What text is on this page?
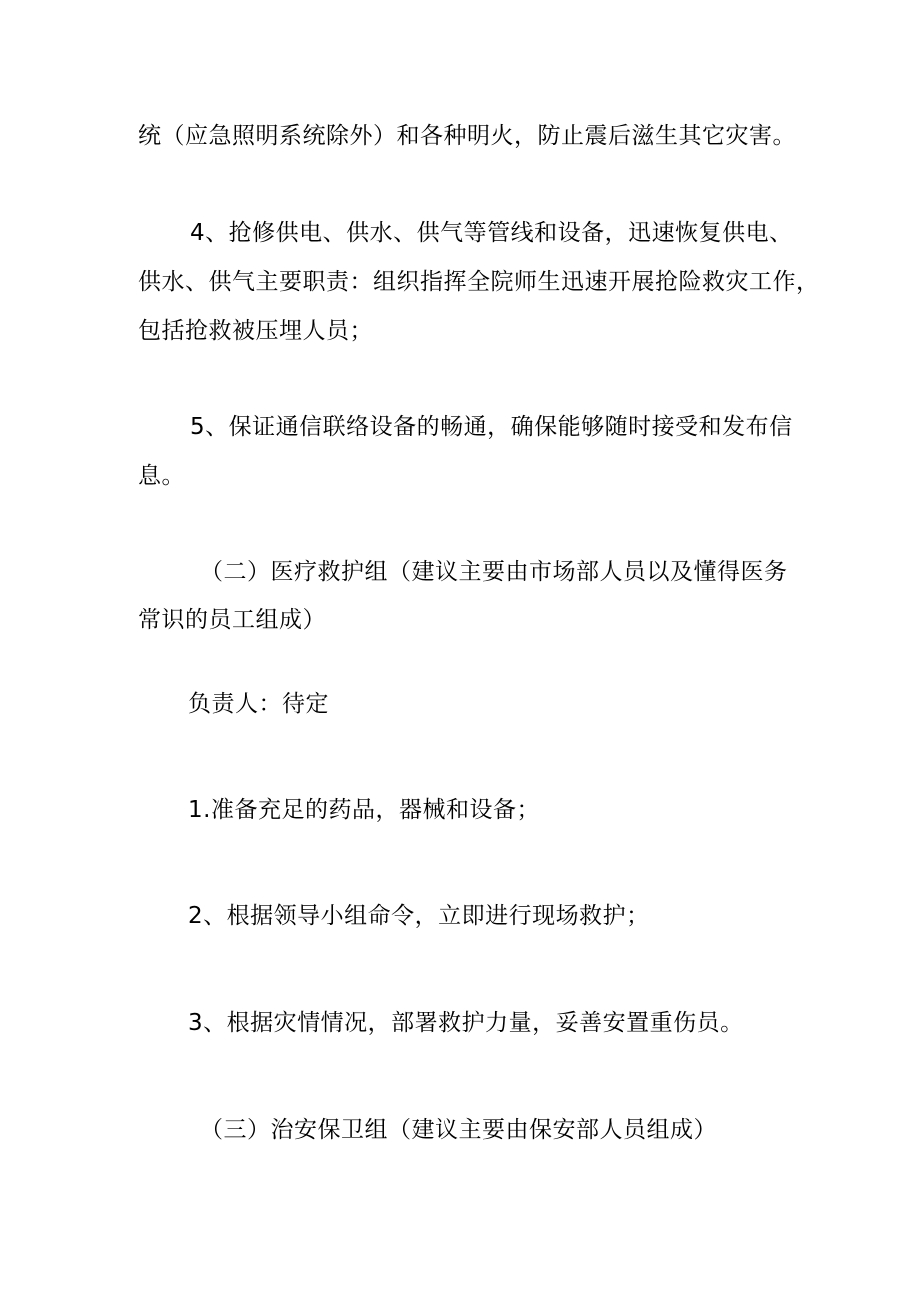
统（应急照明系统除外）和各种明火，防止震后滋生其它灾害。
4、抢修供电、供水、供气等管线和设备，迅速恢复供电、
供水、供气主要职责：组织指挥全院师生迅速开展抢险救灾工作，
包括抢救被压埋人员；
5、保证通信联络设备的畅通，确保能够随时接受和发布信
息。
（二）医疗救护组（建议主要由市场部人员以及懂得医务
常识的员工组成）
负责人：待定
1.准备充足的药品，器械和设备；
2、根据领导小组命令，立即进行现场救护；
3、根据灾情情况，部署救护力量，妥善安置重伤员。
（三）治安保卫组（建议主要由保安部人员组成）
